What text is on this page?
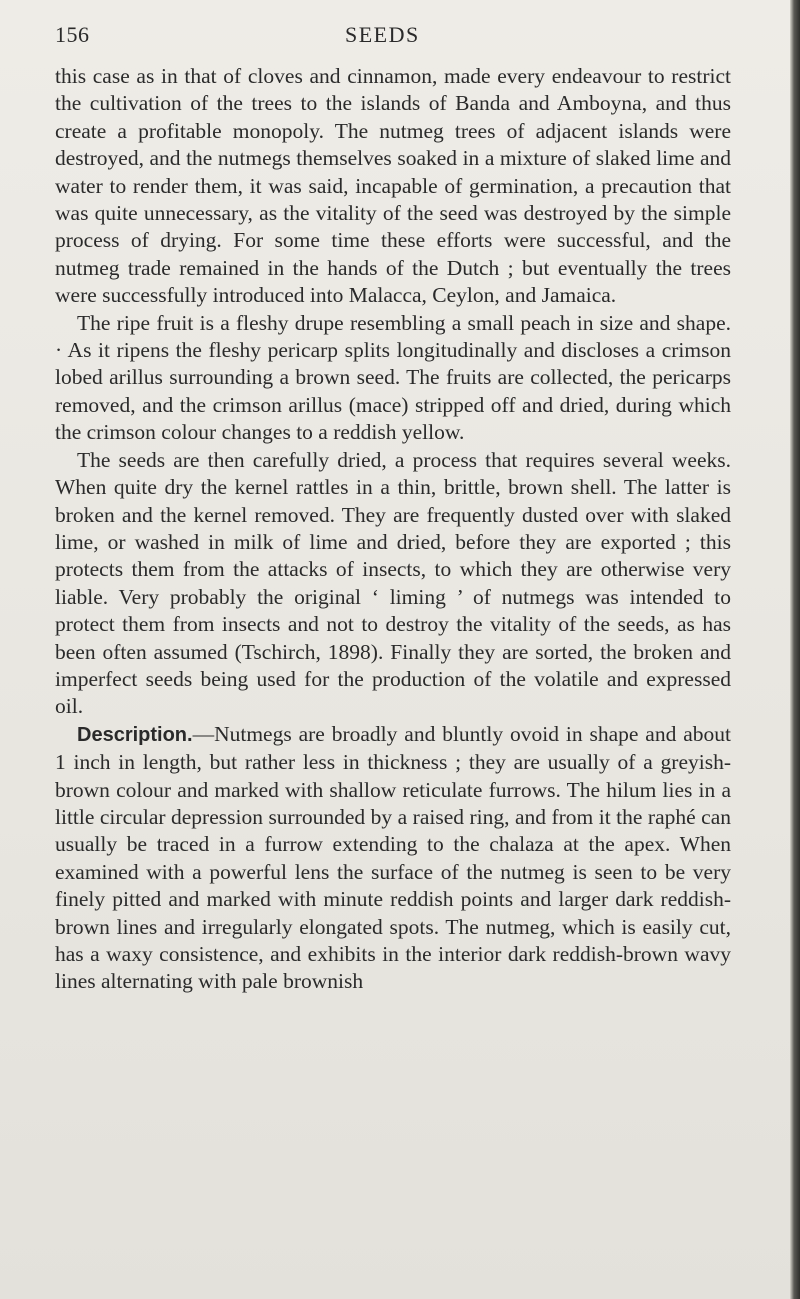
156	SEEDS

this case as in that of cloves and cinnamon, made every endeavour to restrict the cultivation of the trees to the islands of Banda and Amboyna, and thus create a profitable monopoly. The nutmeg trees of adjacent islands were destroyed, and the nutmegs themselves soaked in a mixture of slaked lime and water to render them, it was said, incapable of germination, a precaution that was quite unnecessary, as the vitality of the seed was destroyed by the simple process of drying. For some time these efforts were successful, and the nutmeg trade remained in the hands of the Dutch ; but eventually the trees were successfully introduced into Malacca, Ceylon, and Jamaica.

The ripe fruit is a fleshy drupe resembling a small peach in size and shape. · As it ripens the fleshy pericarp splits longitudinally and discloses a crimson lobed arillus surrounding a brown seed. The fruits are collected, the pericarps removed, and the crimson arillus (mace) stripped off and dried, during which the crimson colour changes to a reddish yellow.

The seeds are then carefully dried, a process that requires several weeks. When quite dry the kernel rattles in a thin, brittle, brown shell. The latter is broken and the kernel removed. They are frequently dusted over with slaked lime, or washed in milk of lime and dried, before they are exported ; this protects them from the attacks of insects, to which they are otherwise very liable. Very probably the original ‘ liming ’ of nutmegs was intended to protect them from insects and not to destroy the vitality of the seeds, as has been often assumed (Tschirch, 1898). Finally they are sorted, the broken and imperfect seeds being used for the production of the volatile and expressed oil.

Description.—Nutmegs are broadly and bluntly ovoid in shape and about 1 inch in length, but rather less in thickness ; they are usually of a greyish-brown colour and marked with shallow reticulate furrows. The hilum lies in a little circular depression surrounded by a raised ring, and from it the raphé can usually be traced in a furrow extending to the chalaza at the apex. When examined with a powerful lens the surface of the nutmeg is seen to be very finely pitted and marked with minute reddish points and larger dark reddish-brown lines and irregularly elongated spots. The nutmeg, which is easily cut, has a waxy consistence, and exhibits in the interior dark reddish-brown wavy lines alternating with pale brownish
